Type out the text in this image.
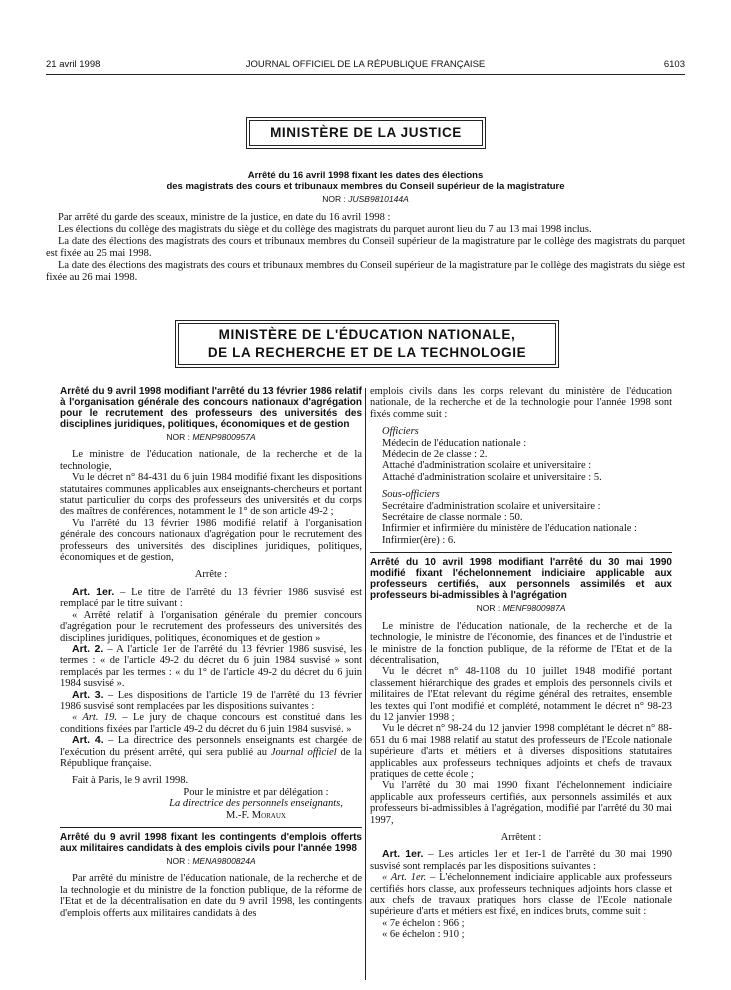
21 avril 1998	JOURNAL OFFICIEL DE LA RÉPUBLIQUE FRANÇAISE	6103
MINISTÈRE DE LA JUSTICE
Arrêté du 16 avril 1998 fixant les dates des élections
des magistrats des cours et tribunaux membres du Conseil supérieur de la magistrature
NOR : JUSB9810144A

Par arrêté du garde des sceaux, ministre de la justice, en date du 16 avril 1998 :

Les élections du collège des magistrats du siège et du collège des magistrats du parquet auront lieu du 7 au 13 mai 1998 inclus.

La date des élections des magistrats des cours et tribunaux membres du Conseil supérieur de la magistrature par le collège des magistrats du parquet est fixée au 25 mai 1998.

La date des élections des magistrats des cours et tribunaux membres du Conseil supérieur de la magistrature par le collège des magistrats du siège est fixée au 26 mai 1998.

MINISTÈRE DE L'ÉDUCATION NATIONALE,
DE LA RECHERCHE ET DE LA TECHNOLOGIE
Arrêté du 9 avril 1998 modifiant l'arrêté du 13 février 1986 relatif à l'organisation générale des concours nationaux d'agrégation pour le recrutement des professeurs des universités des disciplines juridiques, politiques, économiques et de gestion
NOR : MENP9800957A

Le ministre de l'éducation nationale, de la recherche et de la technologie,

Vu le décret n° 84-431 du 6 juin 1984 modifié fixant les dispositions statutaires communes applicables aux enseignants-chercheurs et portant statut particulier du corps des professeurs des universités et du corps des maîtres de conférences, notamment le 1° de son article 49-2 ;

Vu l'arrêté du 13 février 1986 modifié relatif à l'organisation générale des concours nationaux d'agrégation pour le recrutement des professeurs des universités des disciplines juridiques, politiques, économiques et de gestion,

Arrête :

Art. 1er. – Le titre de l'arrêté du 13 février 1986 susvisé est remplacé par le titre suivant :

« Arrêté relatif à l'organisation générale du premier concours d'agrégation pour le recrutement des professeurs des universités des disciplines juridiques, politiques, économiques et de gestion »

Art. 2. – A l'article 1er de l'arrêté du 13 février 1986 susvisé, les termes : « de l'article 49-2 du décret du 6 juin 1984 susvisé » sont remplacés par les termes : « du 1° de l'article 49-2 du décret du 6 juin 1984 susvisé ».

Art. 3. – Les dispositions de l'article 19 de l'arrêté du 13 février 1986 susvisé sont remplacées par les dispositions suivantes :

« Art. 19. – Le jury de chaque concours est constitué dans les conditions fixées par l'article 49-2 du décret du 6 juin 1984 susvisé. »

Art. 4. – La directrice des personnels enseignants est chargée de l'exécution du présent arrêté, qui sera publié au Journal officiel de la République française.

Fait à Paris, le 9 avril 1998.

Pour le ministre et par délégation :

La directrice des personnels enseignants,

M.-F. Moraux

Arrêté du 9 avril 1998 fixant les contingents d'emplois offerts aux militaires candidats à des emplois civils pour l'année 1998
NOR : MENA9800824A

Par arrêté du ministre de l'éducation nationale, de la recherche et de la technologie et du ministre de la fonction publique, de la réforme de l'Etat et de la décentralisation en date du 9 avril 1998, les contingents d'emplois offerts aux militaires candidats à des

emplois civils dans les corps relevant du ministère de l'éducation nationale, de la recherche et de la technologie pour l'année 1998 sont fixés comme suit :

Officiers

Médecin de l'éducation nationale :

Médecin de 2e classe : 2.

Attaché d'administration scolaire et universitaire :

Attaché d'administration scolaire et universitaire : 5.

Sous-officiers

Secrétaire d'administration scolaire et universitaire :

Secrétaire de classe normale : 50.

Infirmier et infirmière du ministère de l'éducation nationale :

Infirmier(ère) : 6.

Arrêté du 10 avril 1998 modifiant l'arrêté du 30 mai 1990 modifié fixant l'échelonnement indiciaire applicable aux professeurs certifiés, aux personnels assimilés et aux professeurs bi-admissibles à l'agrégation
NOR : MENF9800987A

Le ministre de l'éducation nationale, de la recherche et de la technologie, le ministre de l'économie, des finances et de l'industrie et le ministre de la fonction publique, de la réforme de l'Etat et de la décentralisation,

Vu le décret n° 48-1108 du 10 juillet 1948 modifié portant classement hiérarchique des grades et emplois des personnels civils et militaires de l'Etat relevant du régime général des retraites, ensemble les textes qui l'ont modifié et complété, notamment le décret n° 98-23 du 12 janvier 1998 ;

Vu le décret n° 98-24 du 12 janvier 1998 complétant le décret n° 88-651 du 6 mai 1988 relatif au statut des professeurs de l'Ecole nationale supérieure d'arts et métiers et à diverses dispositions statutaires applicables aux professeurs techniques adjoints et chefs de travaux pratiques de cette école ;

Vu l'arrêté du 30 mai 1990 fixant l'échelonnement indiciaire applicable aux professeurs certifiés, aux personnels assimilés et aux professeurs bi-admissibles à l'agrégation, modifié par l'arrêté du 30 mai 1997,

Arrêtent :

Art. 1er. – Les articles 1er et 1er-1 de l'arrêté du 30 mai 1990 susvisé sont remplacés par les dispositions suivantes :

« Art. 1er. – L'échelonnement indiciaire applicable aux professeurs certifiés hors classe, aux professeurs techniques adjoints hors classe et aux chefs de travaux pratiques hors classe de l'Ecole nationale supérieure d'arts et métiers est fixé, en indices bruts, comme suit :

« 7e échelon : 966 ;

« 6e échelon : 910 ;
